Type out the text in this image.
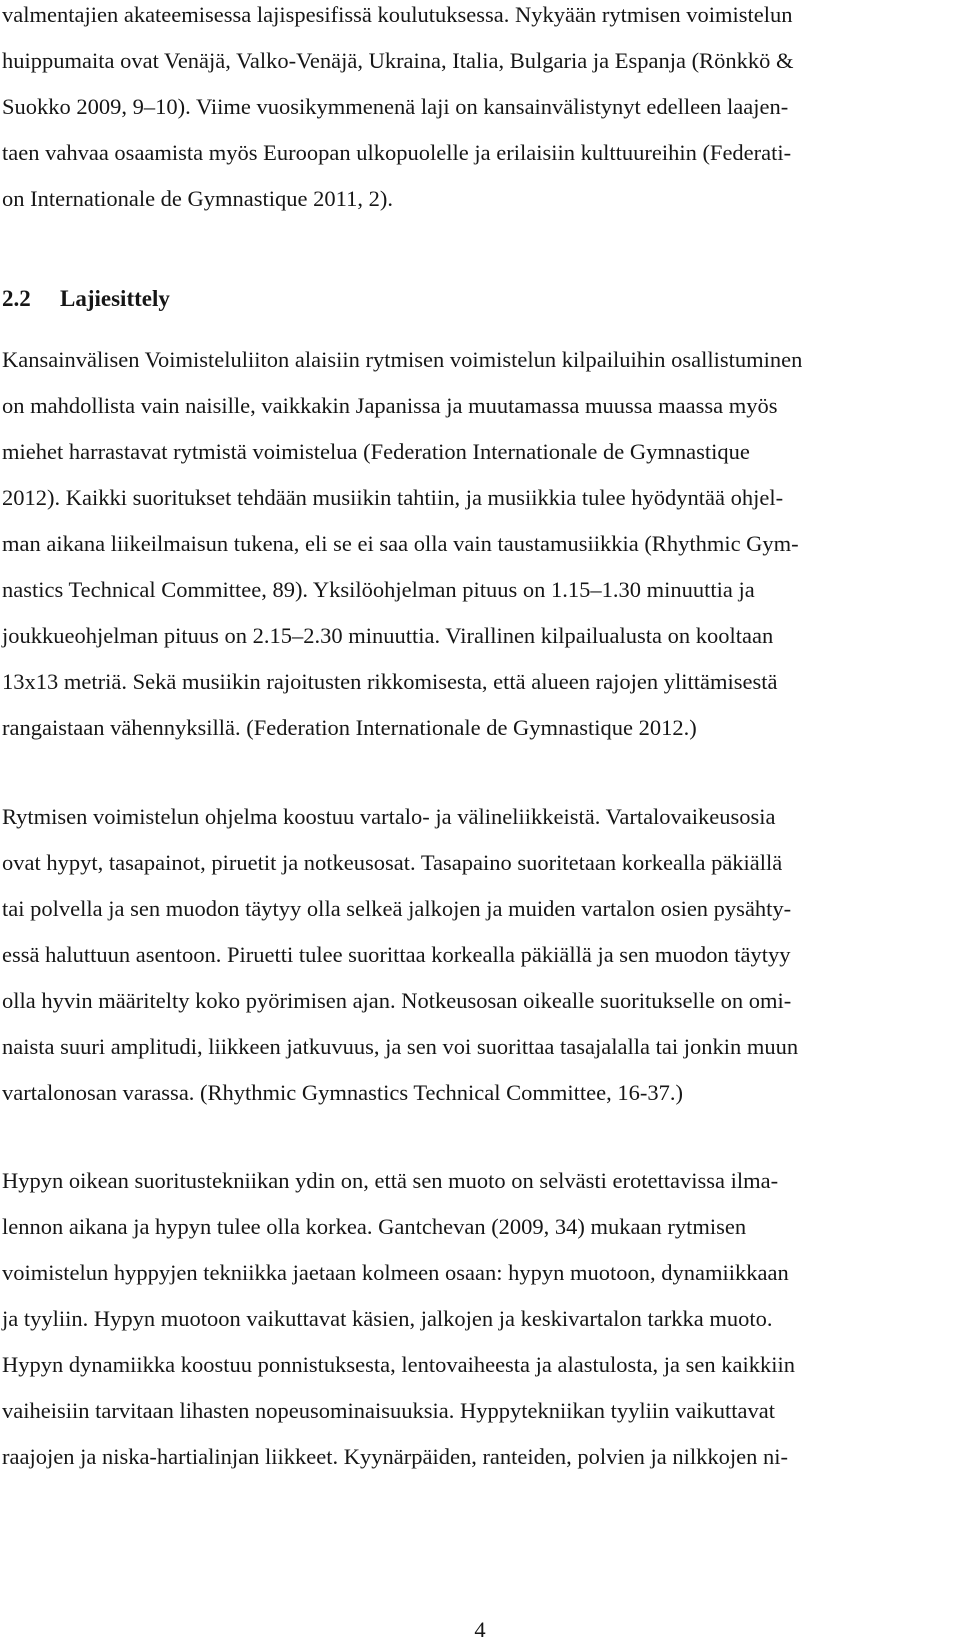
valmentajien akateemisessa lajispesifissä koulutuksessa. Nykyään rytmisen voimistelun
huippumaita ovat Venäjä, Valko-Venäjä, Ukraina, Italia, Bulgaria ja Espanja (Rönkkö &
Suokko 2009, 9–10). Viime vuosikymmenenä laji on kansainvälistynyt edelleen laajen-
taen vahvaa osaamista myös Euroopan ulkopuolelle ja erilaisiin kulttuureihin (Federati-
on Internationale de Gymnastique 2011, 2).
2.2 Lajiesittely
Kansainvälisen Voimisteluliiton alaisiin rytmisen voimistelun kilpailuihin osallistuminen
on mahdollista vain naisille, vaikkakin Japanissa ja muutamassa muussa maassa myös
miehet harrastavat rytmistä voimistelua (Federation Internationale de Gymnastique
2012). Kaikki suoritukset tehdään musiikin tahtiin, ja musiikkia tulee hyödyntää ohjel-
man aikana liikeilmaisun tukena, eli se ei saa olla vain taustamusiikkia (Rhythmic Gym-
nastics Technical Committee, 89). Yksilöohjelman pituus on 1.15–1.30 minuuttia ja
joukkueohjelman pituus on 2.15–2.30 minuuttia. Virallinen kilpailualusta on kooltaan
13x13 metriä. Sekä musiikin rajoitusten rikkomisesta, että alueen rajojen ylittämisestä
rangaistaan vähennyksillä. (Federation Internationale de Gymnastique 2012.)
Rytmisen voimistelun ohjelma koostuu vartalo- ja välineliikkeistä. Vartalovaikeusosia
ovat hypyt, tasapainot, piruetit ja notkeusosat. Tasapaino suoritetaan korkealla päkiällä
tai polvella ja sen muodon täytyy olla selkeä jalkojen ja muiden vartalon osien pysähty-
essä haluttuun asentoon. Piruetti tulee suorittaa korkealla päkiällä ja sen muodon täytyy
olla hyvin määritelty koko pyörimisen ajan. Notkeusosan oikealle suoritukselle on omi-
naista suuri amplitudi, liikkeen jatkuvuus, ja sen voi suorittaa tasajalalla tai jonkin muun
vartalonosan varassa. (Rhythmic Gymnastics Technical Committee, 16-37.)
Hypyn oikean suoritustekniikan ydin on, että sen muoto on selvästi erotettavissa ilma-
lennon aikana ja hypyn tulee olla korkea. Gantchevan (2009, 34) mukaan rytmisen
voimistelun hyppyjen tekniikka jaetaan kolmeen osaan: hypyn muotoon, dynamiikkaan
ja tyyliin. Hypyn muotoon vaikuttavat käsien, jalkojen ja keskivartalon tarkka muoto.
Hypyn dynamiikka koostuu ponnistuksesta, lentovaiheesta ja alastulosta, ja sen kaikkiin
vaiheisiin tarvitaan lihasten nopeusominaisuuksia. Hyppytekniikan tyyliin vaikuttavat
raajojen ja niska-hartialinjan liikkeet. Kyynärpäiden, ranteiden, polvien ja nilkkojen ni-
4
